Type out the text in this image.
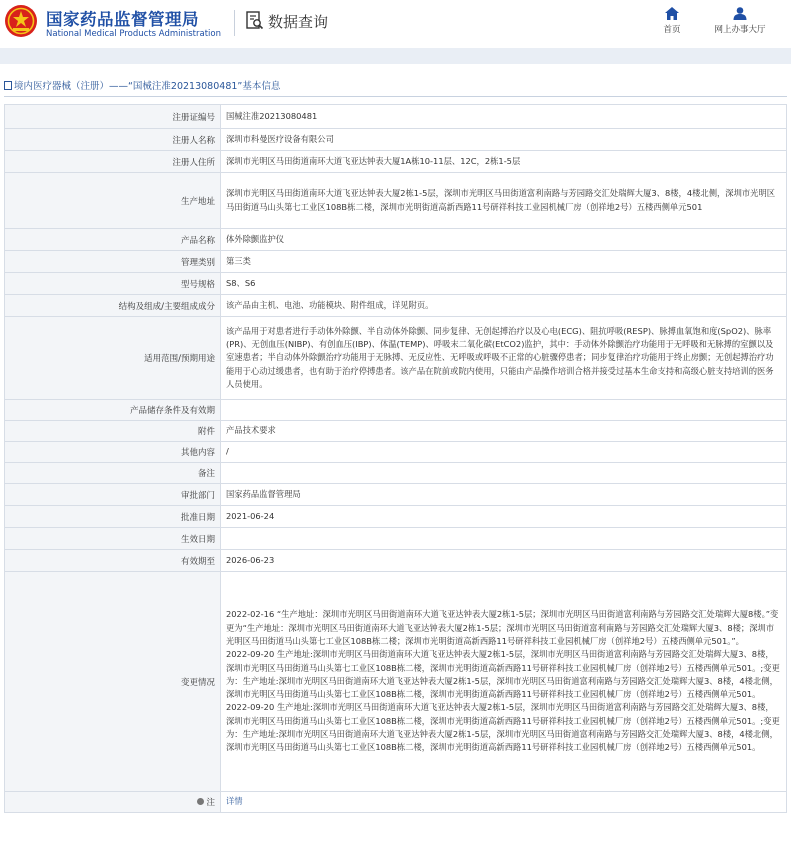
国家药品监督管理局
National Medical Products Administration
数据查询	首页	网上办事大厅
境内医疗器械（注册）——“国械注准20213080481”基本信息
注册证编号	国械注准20213080481
注册人名称	深圳市科曼医疗设备有限公司
注册人住所	深圳市光明区马田街道南环大道飞亚达钟表大厦1A栋10-11层、12C，2栋1-5层
生产地址	深圳市光明区马田街道南环大道飞亚达钟表大厦2栋1-5层，深圳市光明区马田街道富利南路与芳园路交汇处瑞辉大厦3、8楼，4楼北侧，深圳市光明区马田街道马山头第七工业区108B栋二楼，深圳市光明街道高新西路11号研祥科技工业园机械厂房（创祥地2号）五楼西侧单元501
产品名称	体外除颤监护仪
管理类别	第三类
型号规格	S8、S6
结构及组成/主要组成成分	该产品由主机、电池、功能模块、附件组成，详见附页。
适用范围/预期用途	该产品用于对患者进行手动体外除颤、半自动体外除颤、同步复律、无创起搏治疗以及心电(ECG)、阻抗呼吸(RESP)、脉搏血氧饱和度(SpO2)、脉率(PR)、无创血压(NIBP)、有创血压(IBP)、体温(TEMP)、呼吸末二氧化碳(EtCO2)监护，其中：手动体外除颤治疗功能用于无呼吸和无脉搏的室颤以及室速患者；半自动体外除颤治疗功能用于无脉搏、无反应性、无呼吸或呼吸不正常的心脏骤停患者；同步复律治疗功能用于终止房颤；无创起搏治疗功能用于心动过缓患者，也有助于治疗停搏患者。该产品在院前或院内使用，只能由产品操作培训合格并接受过基本生命支持和高级心脏支持培训的医务人员使用。
产品储存条件及有效期	
附件	产品技术要求
其他内容	/
备注	
审批部门	国家药品监督管理局
批准日期	2021-06-24
生效日期	
有效期至	2026-06-23
变更情况	2022-02-16 “生产地址：深圳市光明区马田街道南环大道飞亚达钟表大厦2栋1-5层；深圳市光明区马田街道富利南路与芳园路交汇处瑞辉大厦8楼。”变更为“生产地址：深圳市光明区马田街道南环大道飞亚达钟表大厦2栋1-5层；深圳市光明区马田街道富利南路与芳园路交汇处瑞辉大厦3、8楼；深圳市光明区马田街道马山头第七工业区108B栋二楼；深圳市光明街道高新西路11号研祥科技工业园机械厂房（创祥地2号）五楼西侧单元501。”。
2022-09-20 生产地址:深圳市光明区马田街道南环大道飞亚达钟表大厦2栋1-5层，深圳市光明区马田街道富利南路与芳园路交汇处瑞辉大厦3、8楼，深圳市光明区马田街道马山头第七工业区108B栋二楼，深圳市光明街道高新西路11号研祥科技工业园机械厂房（创祥地2号）五楼西侧单元501。;变更为：生产地址:深圳市光明区马田街道南环大道飞亚达钟表大厦2栋1-5层，深圳市光明区马田街道富利南路与芳园路交汇处瑞辉大厦3、8楼，4楼北侧，深圳市光明区马田街道马山头第七工业区108B栋二楼，深圳市光明街道高新西路11号研祥科技工业园机械厂房（创祥地2号）五楼西侧单元501。
2022-09-20 生产地址:深圳市光明区马田街道南环大道飞亚达钟表大厦2栋1-5层，深圳市光明区马田街道富利南路与芳园路交汇处瑞辉大厦3、8楼，深圳市光明区马田街道马山头第七工业区108B栋二楼，深圳市光明街道高新西路11号研祥科技工业园机械厂房（创祥地2号）五楼西侧单元501。;变更为：生产地址:深圳市光明区马田街道南环大道飞亚达钟表大厦2栋1-5层，深圳市光明区马田街道富利南路与芳园路交汇处瑞辉大厦3、8楼，4楼北侧，深圳市光明区马田街道马山头第七工业区108B栋二楼，深圳市光明街道高新西路11号研祥科技工业园机械厂房（创祥地2号）五楼西侧单元501。

注	详情
